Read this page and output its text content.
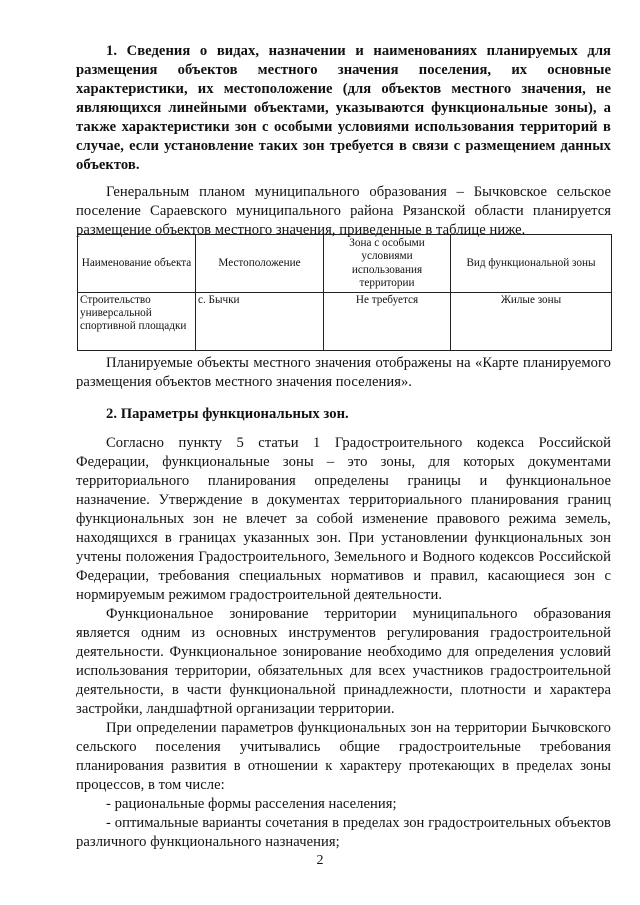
1. Сведения о видах, назначении и наименованиях планируемых для размещения объектов местного значения поселения, их основные характеристики, их местоположение (для объектов местного значения, не являющихся линейными объектами, указываются функциональные зоны), а также характеристики зон с особыми условиями использования территорий в случае, если установление таких зон требуется в связи с размещением данных объектов.
Генеральным планом муниципального образования – Бычковское сельское поселение Сараевского муниципального района Рязанской области планируется размещение объектов местного значения, приведенные в таблице ниже.
Наименование объекта	Местоположение	Зона с особыми условиями использования территории	Вид функциональной зоны
Строительство универсальной спортивной площадки	с. Бычки	Не требуется	Жилые зоны
Планируемые объекты местного значения отображены на «Карте планируемого размещения объектов местного значения поселения».
2. Параметры функциональных зон.
Согласно пункту 5 статьи 1 Градостроительного кодекса Российской Федерации, функциональные зоны – это зоны, для которых документами территориального планирования определены границы и функциональное назначение. Утверждение в документах территориального планирования границ функциональных зон не влечет за собой изменение правового режима земель, находящихся в границах указанных зон. При установлении функциональных зон учтены положения Градостроительного, Земельного и Водного кодексов Российской Федерации, требования специальных нормативов и правил, касающиеся зон с нормируемым режимом градостроительной деятельности.
Функциональное зонирование территории муниципального образования является одним из основных инструментов регулирования градостроительной деятельности. Функциональное зонирование необходимо для определения условий использования территории, обязательных для всех участников градостроительной деятельности, в части функциональной принадлежности, плотности и характера застройки, ландшафтной организации территории.
При определении параметров функциональных зон на территории Бычковского сельского поселения учитывались общие градостроительные требования планирования развития в отношении к характеру протекающих в пределах зоны процессов, в том числе:
- рациональные формы расселения населения;
- оптимальные варианты сочетания в пределах зон градостроительных объектов различного функционального назначения;
2
